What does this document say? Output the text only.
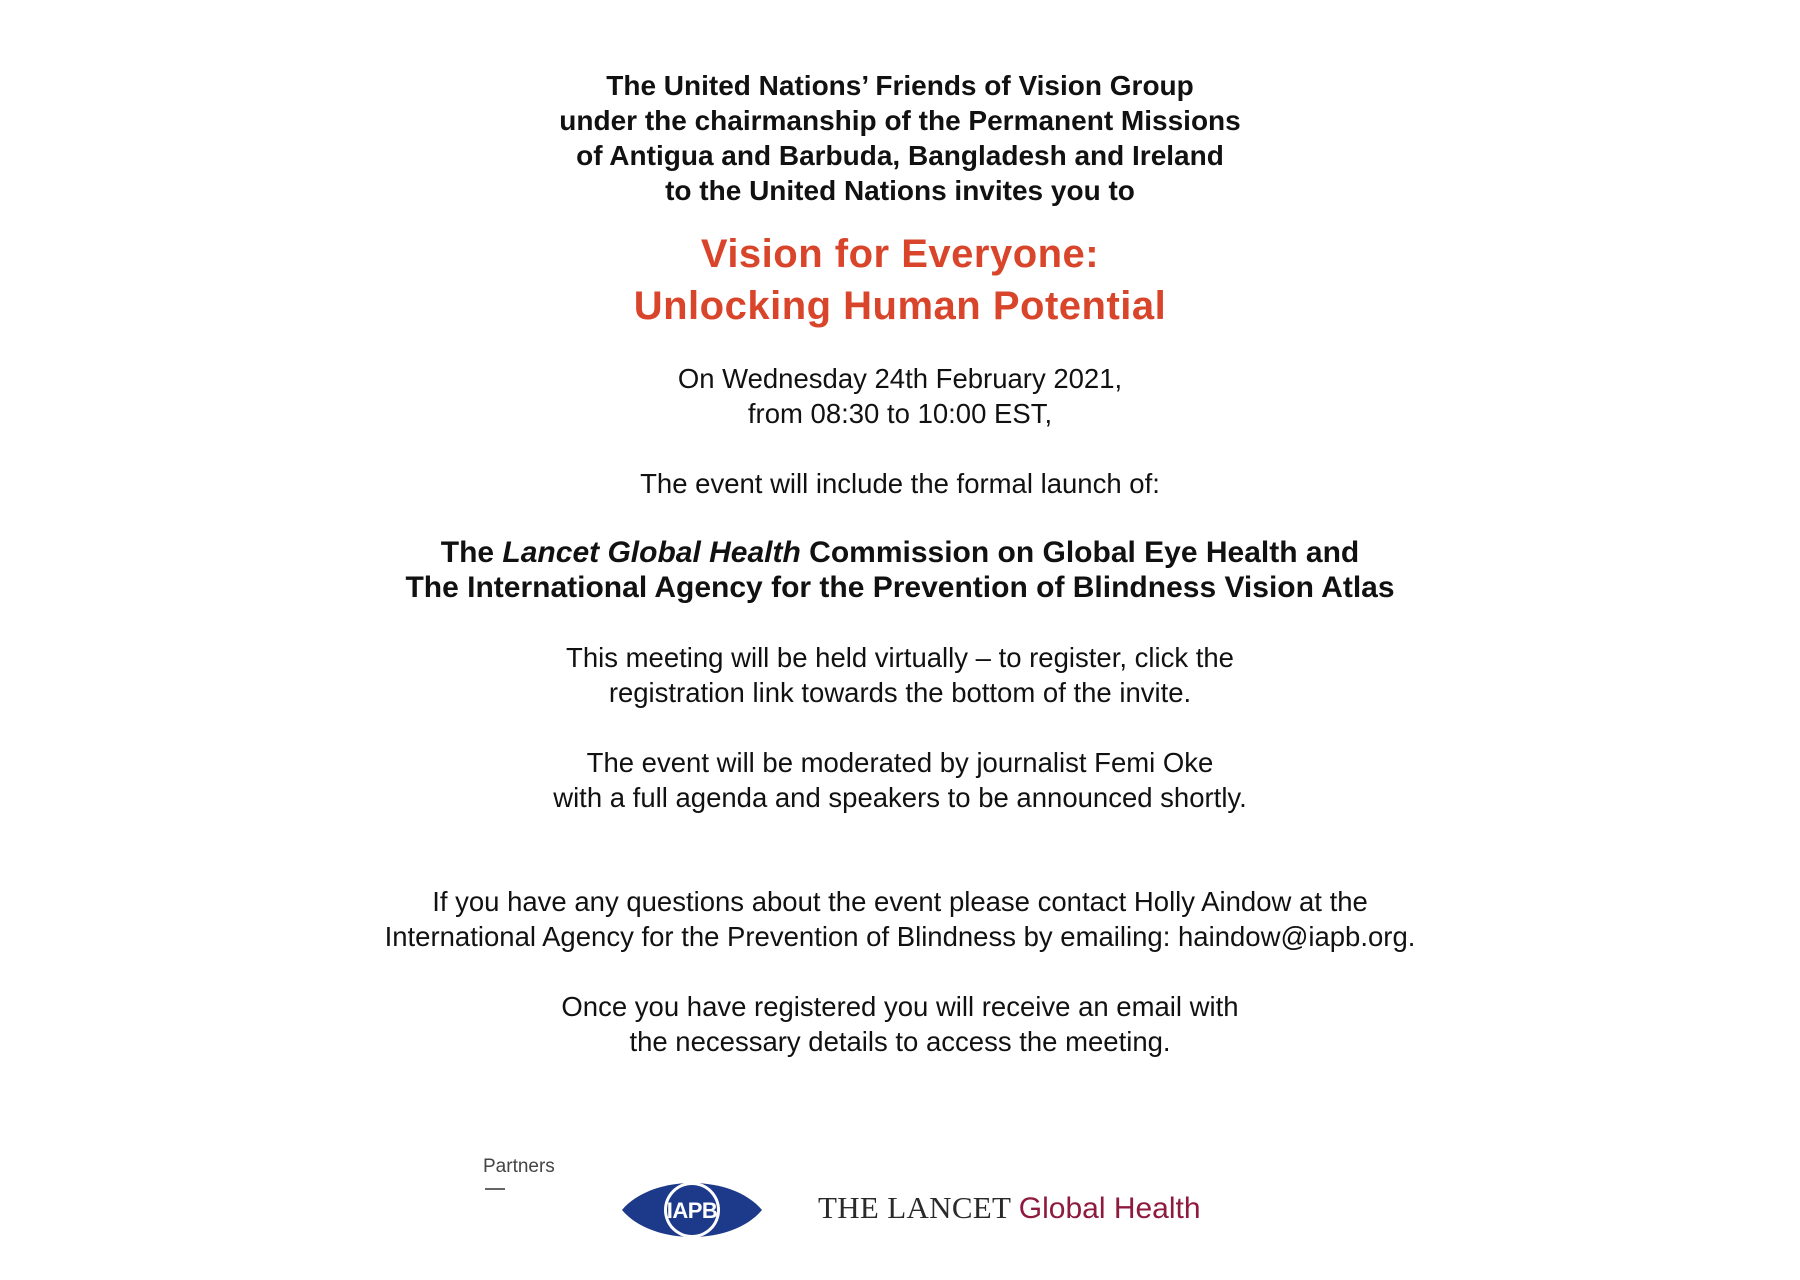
The United Nations’ Friends of Vision Group
under the chairmanship of the Permanent Missions
of Antigua and Barbuda, Bangladesh and Ireland
to the United Nations invites you to
Vision for Everyone:
Unlocking Human Potential
On Wednesday 24th February 2021,
from 08:30 to 10:00 EST,
The event will include the formal launch of:
The Lancet Global Health Commission on Global Eye Health and
The International Agency for the Prevention of Blindness Vision Atlas
This meeting will be held virtually – to register, click the
registration link towards the bottom of the invite.
The event will be moderated by journalist Femi Oke
with a full agenda and speakers to be announced shortly.
If you have any questions about the event please contact Holly Aindow at the
International Agency for the Prevention of Blindness by emailing: haindow@iapb.org.
Once you have registered you will receive an email with
the necessary details to access the meeting.
Partners
IAPB	THE LANCET Global Health
